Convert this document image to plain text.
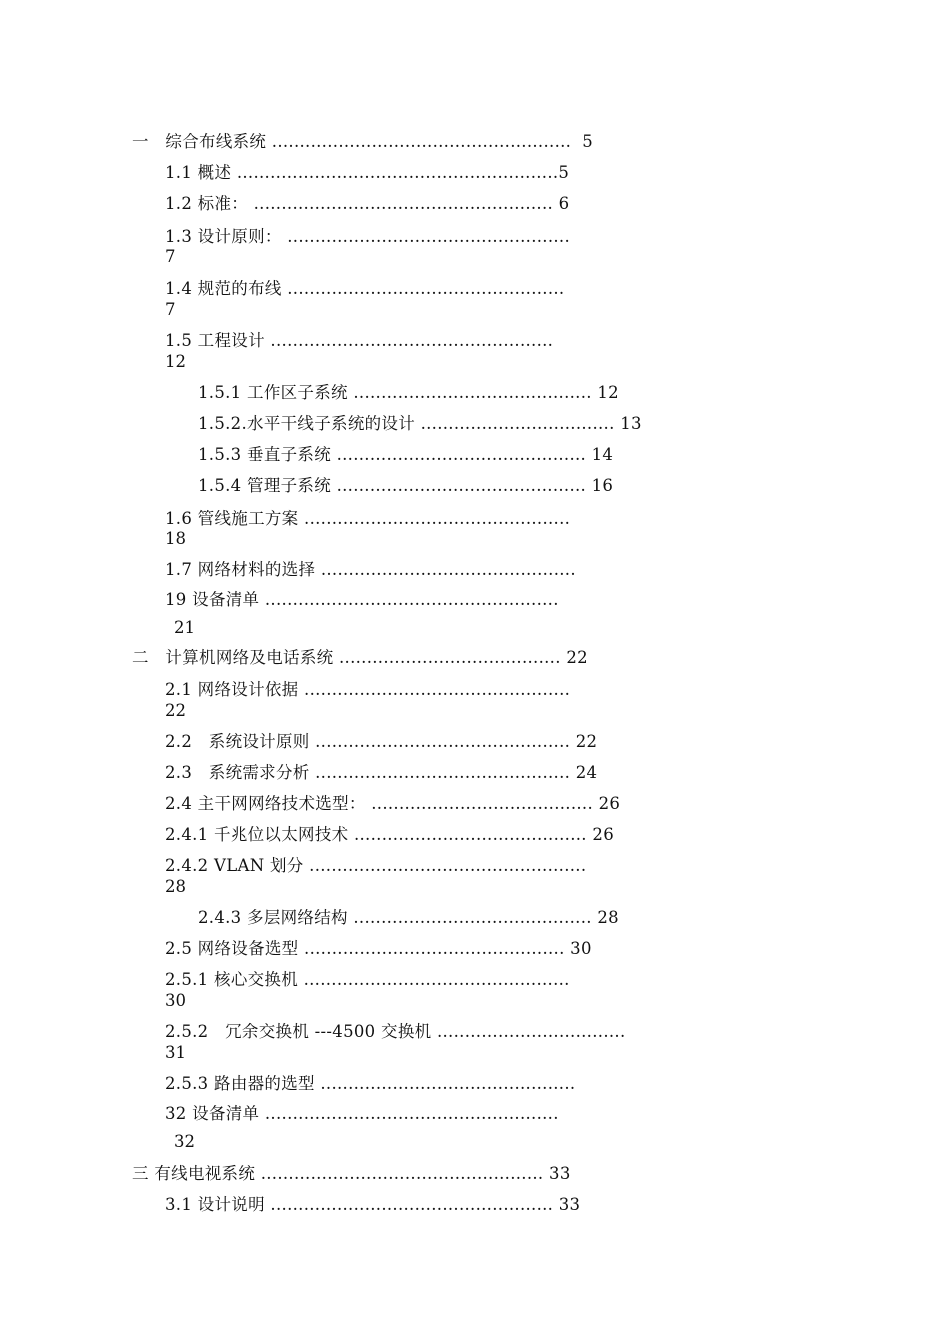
一   综合布线系统 ......................................................  5
1.1 概述 ..........................................................5
1.2 标准： ...................................................... 6
1.3 设计原则： ...................................................
7
1.4 规范的布线 ..................................................
7
1.5 工程设计 ...................................................
12
1.5.1 工作区子系统 ........................................... 12
1.5.2.水平干线子系统的设计 ................................... 13
1.5.3 垂直子系统 ............................................. 14
1.5.4 管理子系统 ............................................. 16
1.6 管线施工方案 ................................................
18
1.7 网络材料的选择 ..............................................
19 设备清单 .....................................................
21
二   计算机网络及电话系统 ........................................ 22
2.1 网络设计依据 ................................................
22
2.2   系统设计原则 .............................................. 22
2.3   系统需求分析 .............................................. 24
2.4 主干网网络技术选型： ........................................ 26
2.4.1 千兆位以太网技术 .......................................... 26
2.4.2 VLAN 划分 ..................................................
28
2.4.3 多层网络结构 ........................................... 28
2.5 网络设备选型 ............................................... 30
2.5.1 核心交换机 ................................................
30
2.5.2   冗余交换机 ---4500 交换机 ..................................
31
2.5.3 路由器的选型 ..............................................
32 设备清单 .....................................................
32
三 有线电视系统 ................................................... 33
3.1 设计说明 ................................................... 33
